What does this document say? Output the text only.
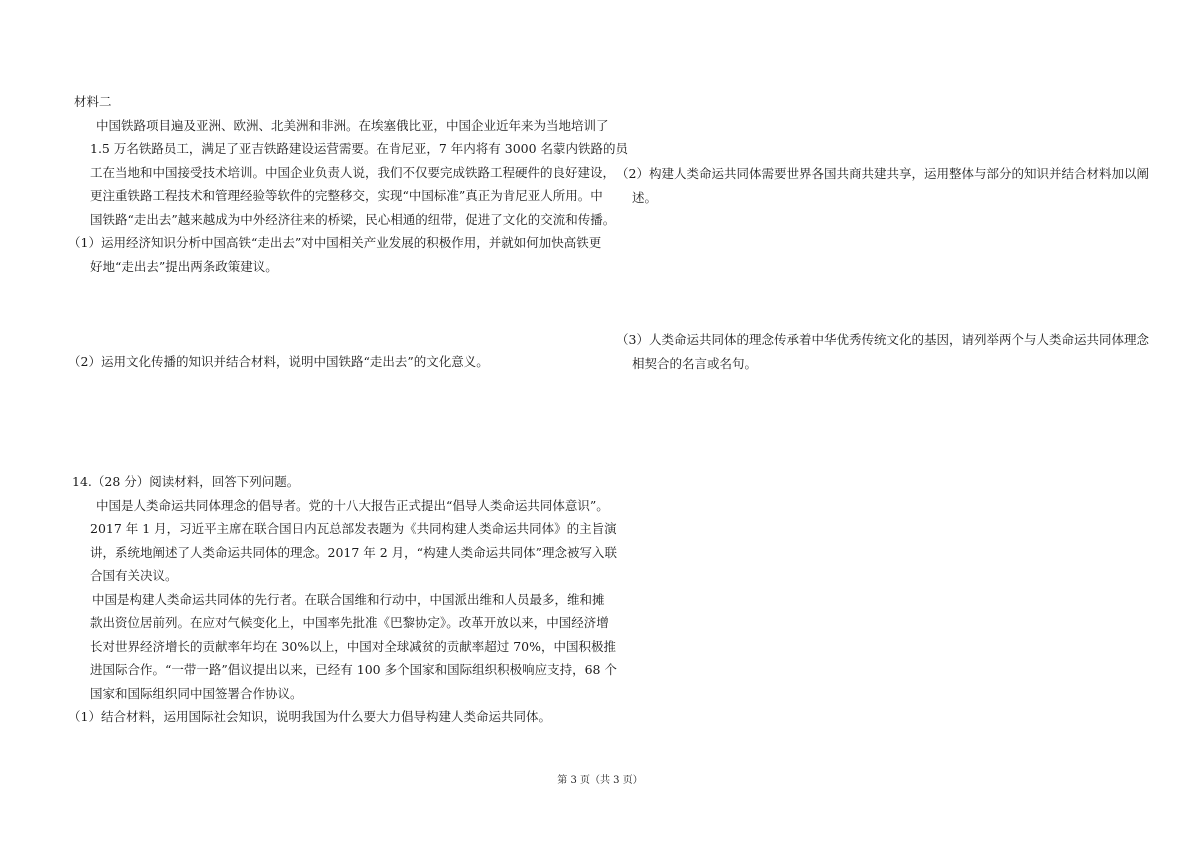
材料二

中国铁路项目遍及亚洲、欧洲、北美洲和非洲。在埃塞俄比亚，中国企业近年来为当地培训了

1.5 万名铁路员工，满足了亚吉铁路建设运营需要。在肯尼亚，7 年内将有 3000 名蒙内铁路的员

工在当地和中国接受技术培训。中国企业负责人说，我们不仅要完成铁路工程硬件的良好建设，

更注重铁路工程技术和管理经验等软件的完整移交，实现“中国标准”真正为肯尼亚人所用。中

国铁路“走出去”越来越成为中外经济往来的桥梁，民心相通的纽带，促进了文化的交流和传播。

（1）运用经济知识分析中国高铁“走出去”对中国相关产业发展的积极作用，并就如何加快高铁更

好地“走出去”提出两条政策建议。

（2）运用文化传播的知识并结合材料，说明中国铁路“走出去”的文化意义。

14.（28 分）阅读材料，回答下列问题。

中国是人类命运共同体理念的倡导者。党的十八大报告正式提出“倡导人类命运共同体意识”。

2017 年 1 月，习近平主席在联合国日内瓦总部发表题为《共同构建人类命运共同体》的主旨演

讲，系统地阐述了人类命运共同体的理念。2017 年 2 月，“构建人类命运共同体”理念被写入联

合国有关决议。

中国是构建人类命运共同体的先行者。在联合国维和行动中，中国派出维和人员最多，维和摊

款出资位居前列。在应对气候变化上，中国率先批准《巴黎协定》。改革开放以来，中国经济增

长对世界经济增长的贡献率年均在 30%以上，中国对全球减贫的贡献率超过 70%，中国积极推

进国际合作。“一带一路”倡议提出以来，已经有 100 多个国家和国际组织积极响应支持，68 个

国家和国际组织同中国签署合作协议。

（1）结合材料，运用国际社会知识，说明我国为什么要大力倡导构建人类命运共同体。

（2）构建人类命运共同体需要世界各国共商共建共享，运用整体与部分的知识并结合材料加以阐

述。

（3）人类命运共同体的理念传承着中华优秀传统文化的基因，请列举两个与人类命运共同体理念

相契合的名言或名句。

第 3 页（共 3 页）
